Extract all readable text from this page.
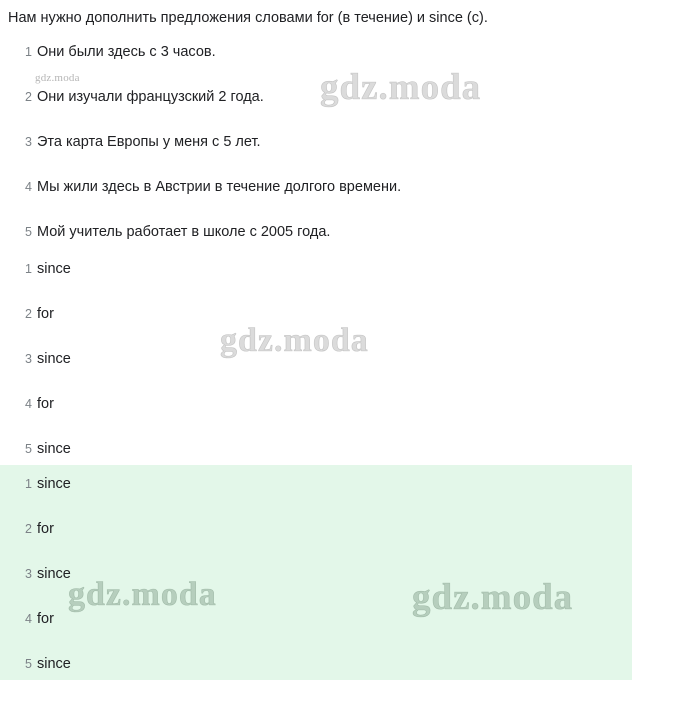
Нам нужно дополнить предложения словами for (в течение) и since (с).
1 Они были здесь с 3 часов.
2 Они изучали французский 2 года.
3 Эта карта Европы у меня с 5 лет.
4 Мы жили здесь в Австрии в течение долгого времени.
5 Мой учитель работает в школе с 2005 года.
1 since
2 for
3 since
4 for
5 since
1 since
2 for
3 since
4 for
5 since
gdz.moda	gdz.moda
gdz.moda
gdz.moda	gdz.moda
